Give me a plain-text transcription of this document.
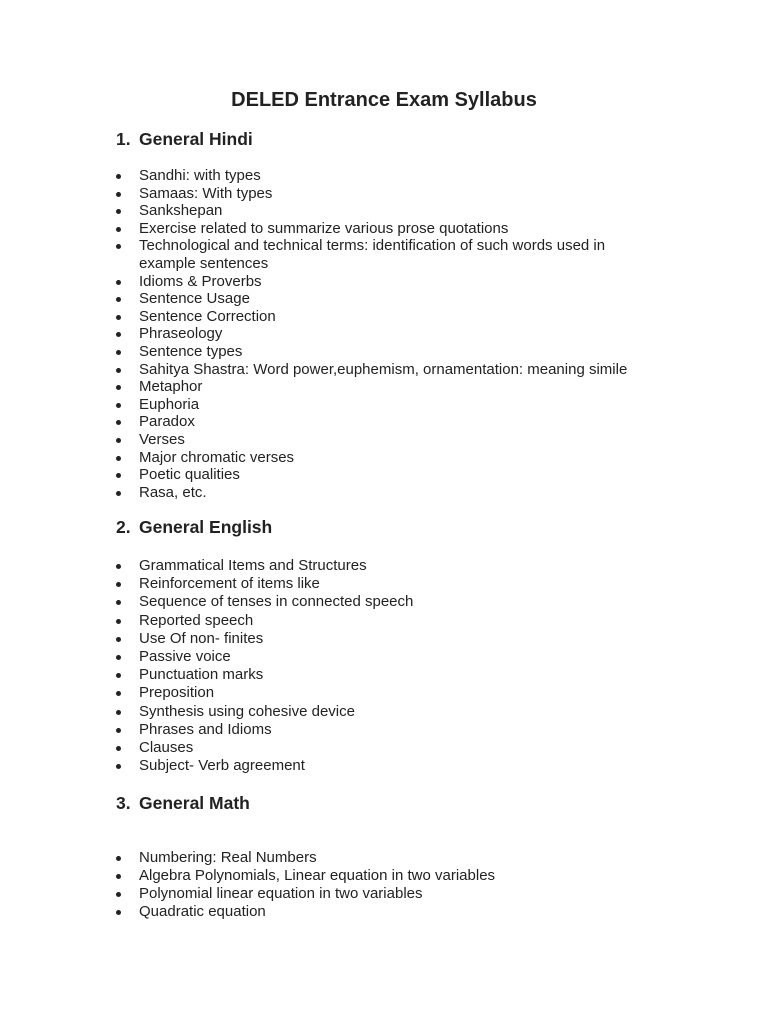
DELED Entrance Exam Syllabus
1. General Hindi
Sandhi: with types
Samaas: With types
Sankshepan
Exercise related to summarize various prose quotations
Technological and technical terms: identification of such words used in example sentences
Idioms & Proverbs
Sentence Usage
Sentence Correction
Phraseology
Sentence types
Sahitya Shastra: Word power,euphemism, ornamentation: meaning simile
Metaphor
Euphoria
Paradox
Verses
Major chromatic verses
Poetic qualities
Rasa, etc.
2. General English
Grammatical Items and Structures
Reinforcement of items like
Sequence of tenses in connected speech
Reported speech
Use Of non- finites
Passive voice
Punctuation marks
Preposition
Synthesis using cohesive device
Phrases and Idioms
Clauses
Subject- Verb agreement
3. General Math
Numbering: Real Numbers
Algebra Polynomials, Linear equation in two variables
Polynomial linear equation in two variables
Quadratic equation
